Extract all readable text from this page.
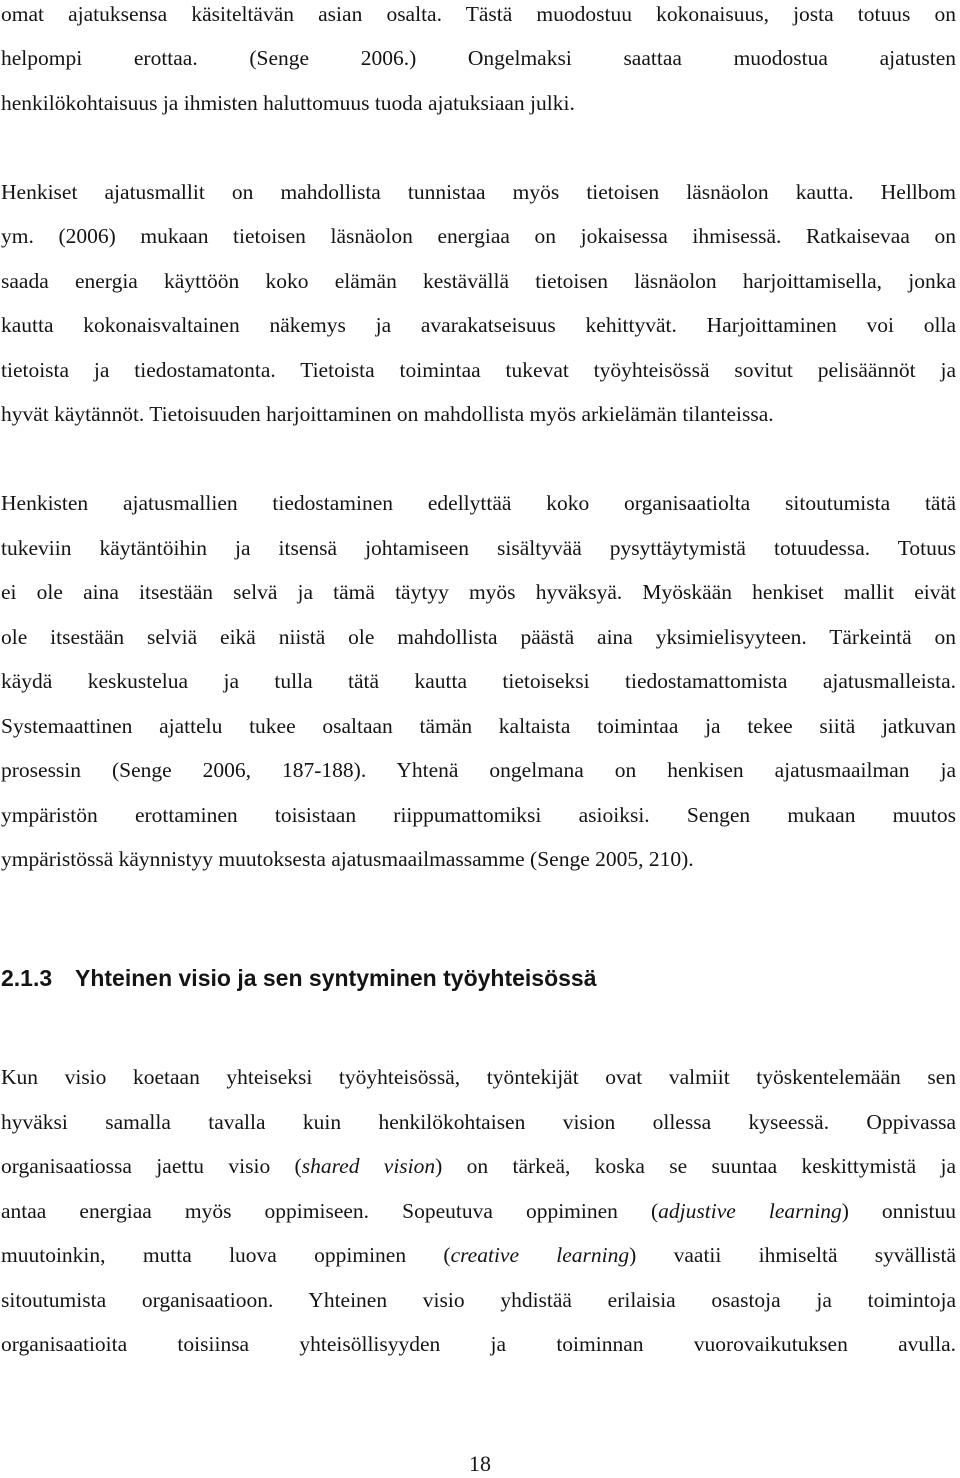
omat ajatuksensa käsiteltävän asian osalta. Tästä muodostuu kokonaisuus, josta totuus on
helpompi erottaa. (Senge 2006.) Ongelmaksi saattaa muodostua ajatusten
henkilökohtaisuus ja ihmisten haluttomuus tuoda ajatuksiaan julki.
Henkiset ajatusmallit on mahdollista tunnistaa myös tietoisen läsnäolon kautta. Hellbom
ym. (2006) mukaan tietoisen läsnäolon energiaa on jokaisessa ihmisessä. Ratkaisevaa on
saada energia käyttöön koko elämän kestävällä tietoisen läsnäolon harjoittamisella, jonka
kautta kokonaisvaltainen näkemys ja avarakatseisuus kehittyvät. Harjoittaminen voi olla
tietoista ja tiedostamatonta. Tietoista toimintaa tukevat työyhteisössä sovitut pelisäännöt ja
hyvät käytännöt. Tietoisuuden harjoittaminen on mahdollista myös arkielämän tilanteissa.
Henkisten ajatusmallien tiedostaminen edellyttää koko organisaatiolta sitoutumista tätä
tukeviin käytäntöihin ja itsensä johtamiseen sisältyvää pysyttäytymistä totuudessa. Totuus
ei ole aina itsestään selvä ja tämä täytyy myös hyväksyä. Myöskään henkiset mallit eivät
ole itsestään selviä eikä niistä ole mahdollista päästä aina yksimielisyyteen. Tärkeintä on
käydä keskustelua ja tulla tätä kautta tietoiseksi tiedostamattomista ajatusmalleista.
Systemaattinen ajattelu tukee osaltaan tämän kaltaista toimintaa ja tekee siitä jatkuvan
prosessin (Senge 2006, 187-188). Yhtenä ongelmana on henkisen ajatusmaailman ja
ympäristön erottaminen toisistaan riippumattomiksi asioiksi. Sengen mukaan muutos
ympäristössä käynnistyy muutoksesta ajatusmaailmassamme (Senge 2005, 210).
2.1.3 Yhteinen visio ja sen syntyminen työyhteisössä
Kun visio koetaan yhteiseksi työyhteisössä, työntekijät ovat valmiit työskentelemään sen
hyväksi samalla tavalla kuin henkilökohtaisen vision ollessa kyseessä. Oppivassa
organisaatiossa jaettu visio (shared vision) on tärkeä, koska se suuntaa keskittymistä ja
antaa energiaa myös oppimiseen. Sopeutuva oppiminen (adjustive learning) onnistuu
muutoinkin, mutta luova oppiminen (creative learning) vaatii ihmiseltä syvällistä
sitoutumista organisaatioon. Yhteinen visio yhdistää erilaisia osastoja ja toimintoja
organisaatioita toisiinsa yhteisöllisyyden ja toiminnan vuorovaikutuksen avulla.
18
